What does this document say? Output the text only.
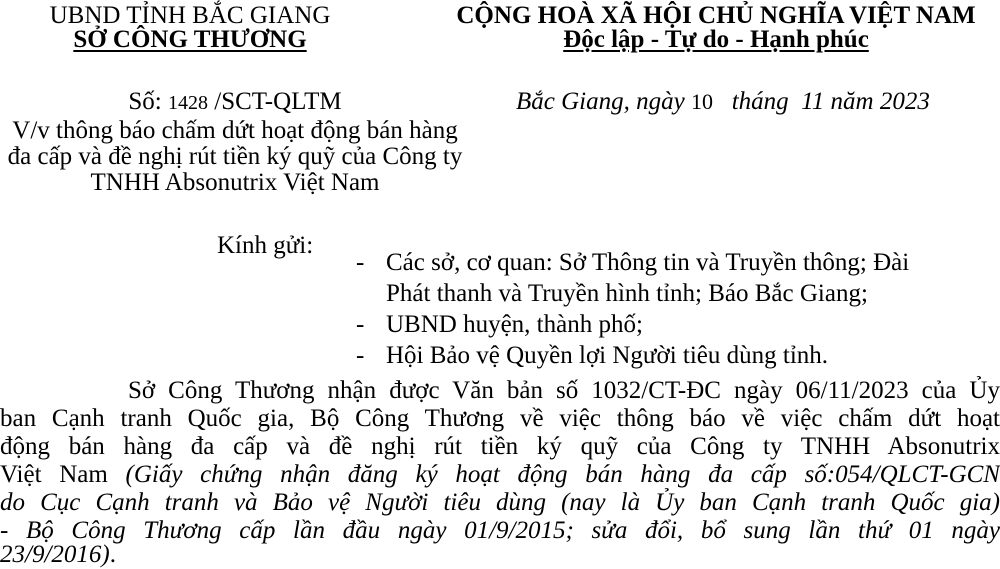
UBND TỈNH BẮC GIANG
SỞ CÔNG THƯƠNG
CỘNG HOÀ XÃ HỘI CHỦ NGHĨA VIỆT NAM
Độc lập - Tự do - Hạnh phúc
Số: 1428 /SCT-QLTM	Bắc Giang, ngày 10   tháng  11 năm 2023
V/v thông báo chấm dứt hoạt động bán hàng đa cấp và đề nghị rút tiền ký quỹ của Công ty TNHH Absonutrix Việt Nam
Kính gửi:
- Các sở, cơ quan: Sở Thông tin và Truyền thông; Đài
Phát thanh và Truyền hình tỉnh; Báo Bắc Giang;
- UBND huyện, thành phố;
- Hội Bảo vệ Quyền lợi Người tiêu dùng tỉnh.
Sở Công Thương nhận được Văn bản số 1032/CT-ĐC ngày 06/11/2023 của Ủy
ban Cạnh tranh Quốc gia, Bộ Công Thương về việc thông báo về việc chấm dứt hoạt
động bán hàng đa cấp và đề nghị rút tiền ký quỹ của Công ty TNHH Absonutrix
Việt Nam (Giấy chứng nhận đăng ký hoạt động bán hàng đa cấp số:054/QLCT-GCN
do Cục Cạnh tranh và Bảo vệ Người tiêu dùng (nay là Ủy ban Cạnh tranh Quốc gia)
- Bộ Công Thương cấp lần đầu ngày 01/9/2015; sửa đổi, bổ sung lần thứ 01 ngày
23/9/2016).
